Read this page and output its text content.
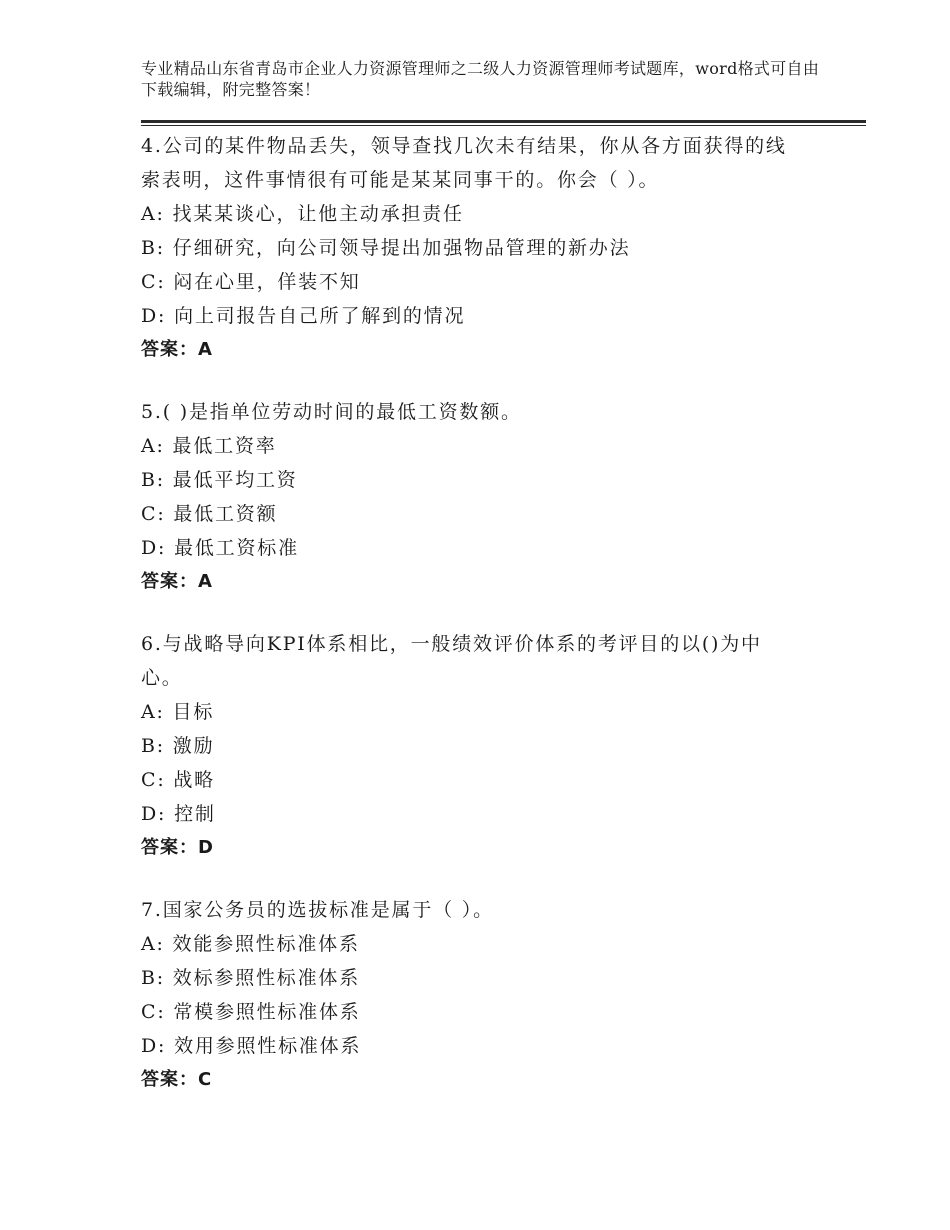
专业精品山东省青岛市企业人力资源管理师之二级人力资源管理师考试题库，word格式可自由下载编辑，附完整答案！
4.公司的某件物品丢失，领导查找几次未有结果，你从各方面获得的线索表明，这件事情很有可能是某某同事干的。你会（ ）。
A: 找某某谈心，让他主动承担责任
B: 仔细研究，向公司领导提出加强物品管理的新办法
C: 闷在心里，佯装不知
D: 向上司报告自己所了解到的情况
答案：A
5.( )是指单位劳动时间的最低工资数额。
A: 最低工资率
B: 最低平均工资
C: 最低工资额
D: 最低工资标准
答案：A
6.与战略导向KPI体系相比，一般绩效评价体系的考评目的以()为中心。
A: 目标
B: 激励
C: 战略
D: 控制
答案：D
7.国家公务员的选拔标准是属于（ ）。
A: 效能参照性标准体系
B: 效标参照性标准体系
C: 常模参照性标准体系
D: 效用参照性标准体系
答案：C
